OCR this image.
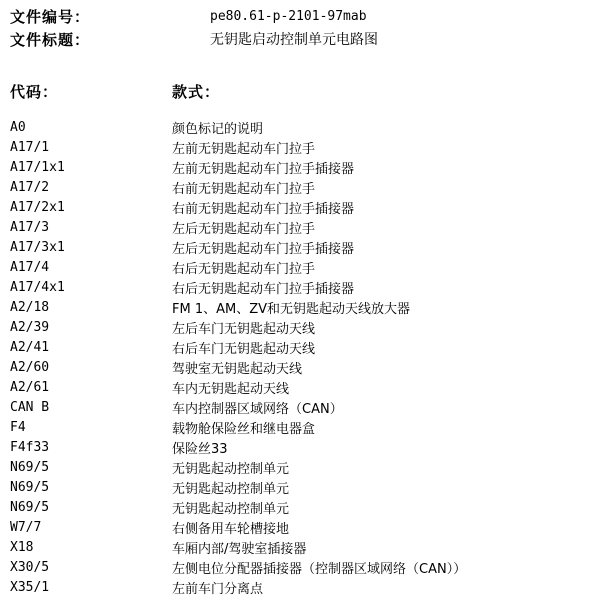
文件编号：	pe80.61-p-2101-97mab
文件标题：	无钥匙启动控制单元电路图
代码：	款式：
A0	颜色标记的说明
A17/1	左前无钥匙起动车门拉手
A17/1x1	左前无钥匙起动车门拉手插接器
A17/2	右前无钥匙起动车门拉手
A17/2x1	右前无钥匙起动车门拉手插接器
A17/3	左后无钥匙起动车门拉手
A17/3x1	左后无钥匙起动车门拉手插接器
A17/4	右后无钥匙起动车门拉手
A17/4x1	右后无钥匙起动车门拉手插接器
A2/18	FM 1、AM、ZV和无钥匙起动天线放大器
A2/39	左后车门无钥匙起动天线
A2/41	右后车门无钥匙起动天线
A2/60	驾驶室无钥匙起动天线
A2/61	车内无钥匙起动天线
CAN B	车内控制器区域网络（CAN）
F4	载物舱保险丝和继电器盒
F4f33	保险丝33
N69/5	无钥匙起动控制单元
N69/5	无钥匙起动控制单元
N69/5	无钥匙起动控制单元
W7/7	右侧备用车轮槽接地
X18	车厢内部/驾驶室插接器
X30/5	左侧电位分配器插接器（控制器区域网络（CAN））
X35/1	左前车门分离点
